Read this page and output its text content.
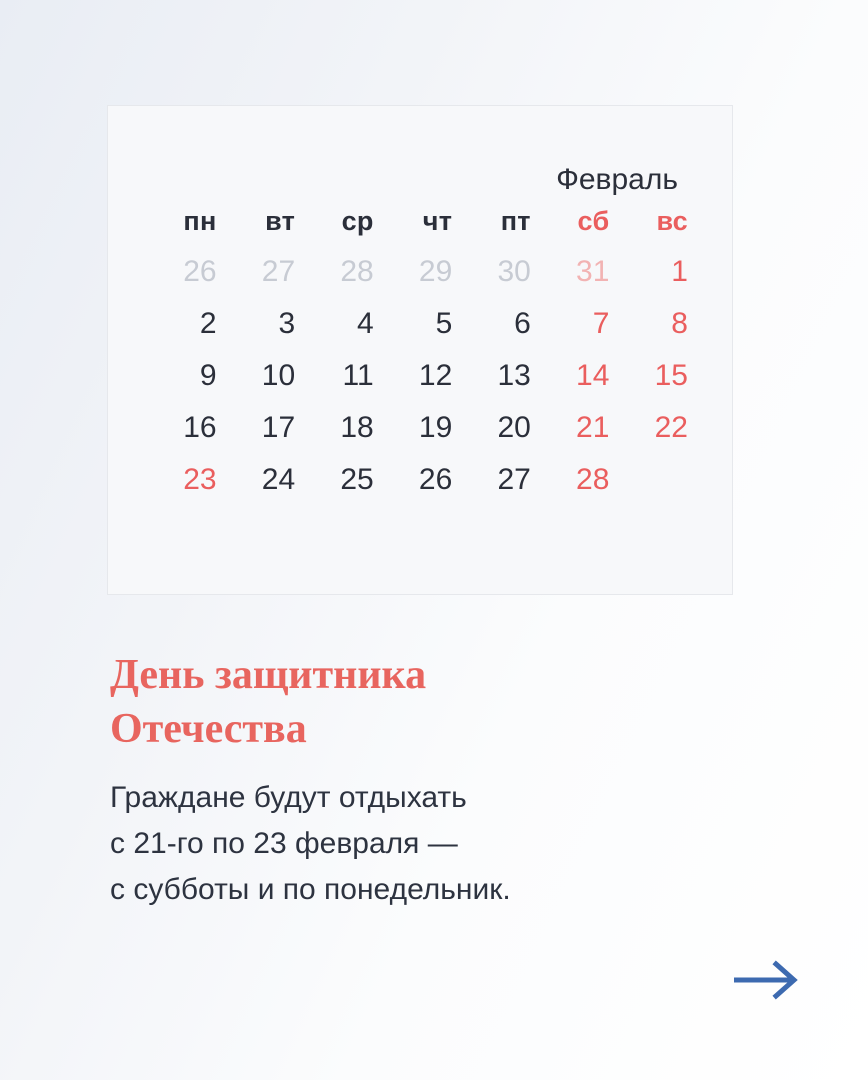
Февраль
пн	вт	ср	чт	пт	сб	вс
26	27	28	29	30	31	1
2	3	4	5	6	7	8
9	10	11	12	13	14	15
16	17	18	19	20	21	22
23	24	25	26	27	28
День защитника
Отечества
Граждане будут отдыхать
с 21-го по 23 февраля —
с субботы и по понедельник.
